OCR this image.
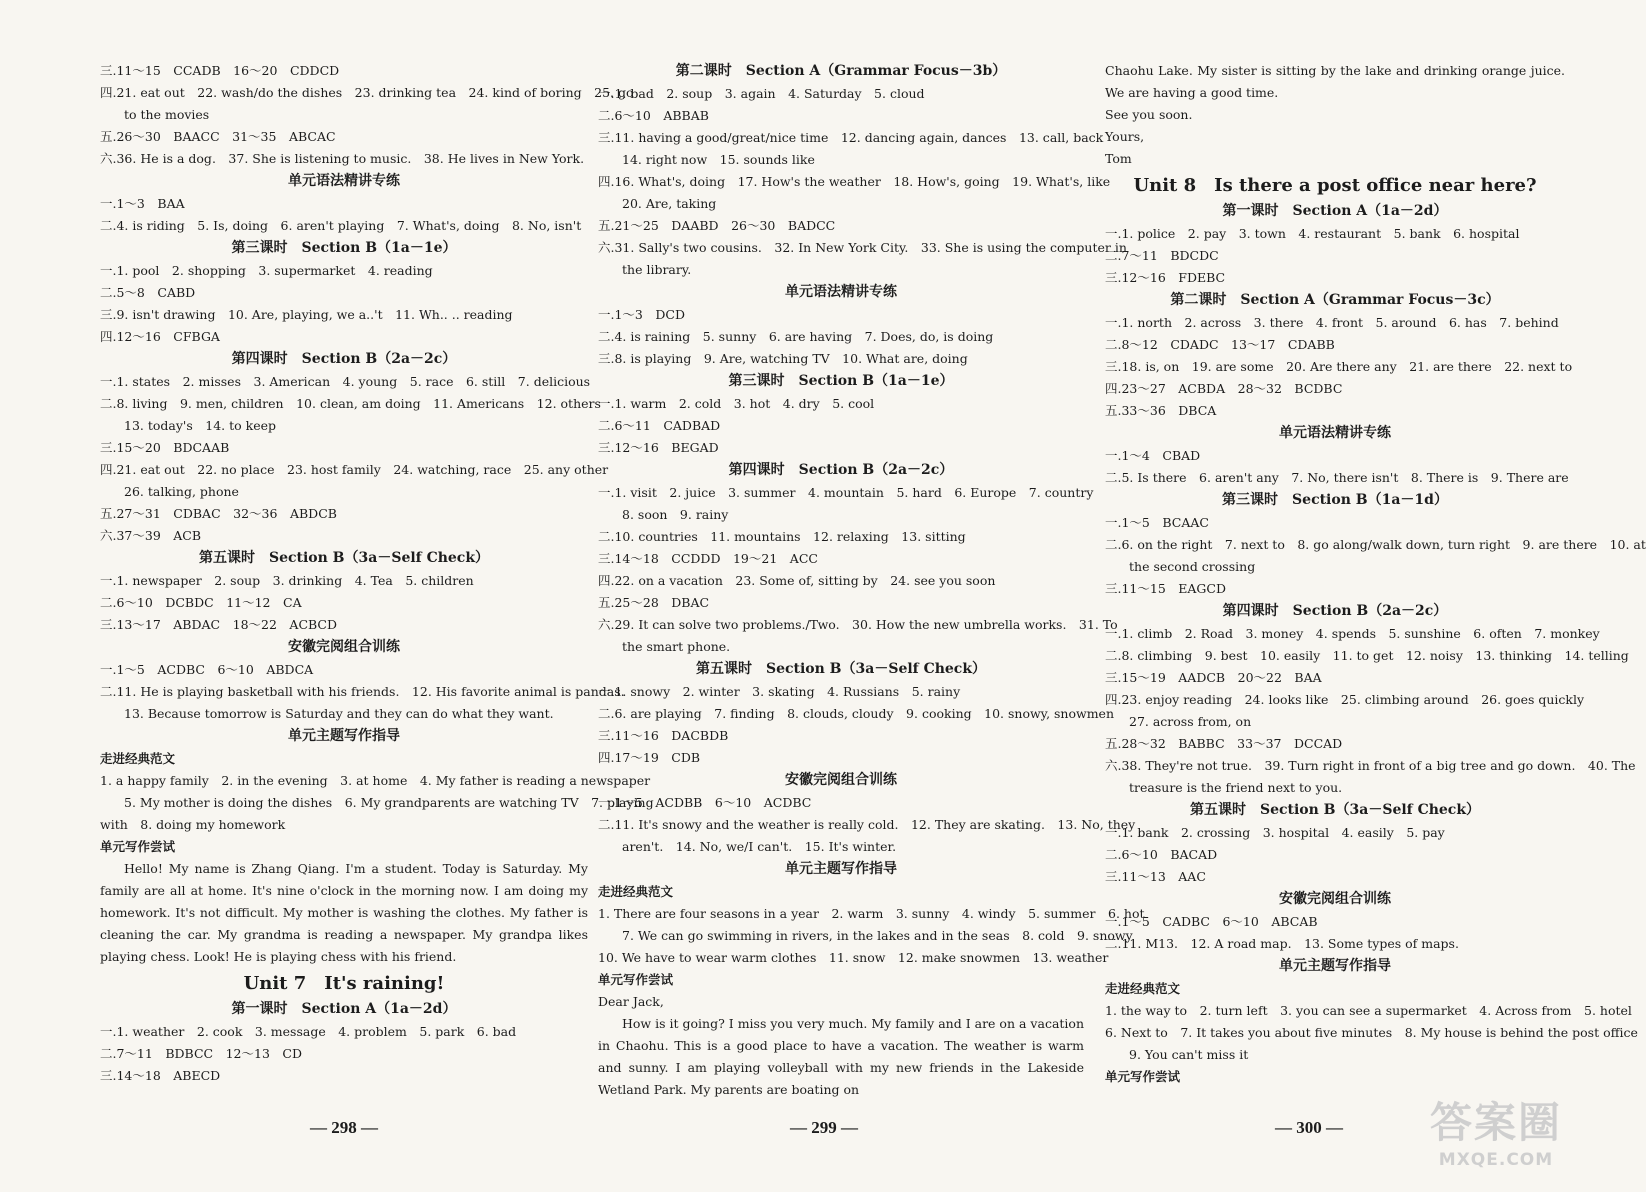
三.11～15　CCADB　16～20　CDDCD
四.21. eat out　22. wash/do the dishes　23. drinking tea　24. kind of boring　25. go
to the movies
五.26～30　BAACC　31～35　ABCAC
六.36. He is a dog.　37. She is listening to music.　38. He lives in New York.
单元语法精讲专练
一.1～3　BAA
二.4. is riding　5. Is, doing　6. aren't playing　7. What's, doing　8. No, isn't
第三课时　Section B（1a－1e）
一.1. pool　2. shopping　3. supermarket　4. reading
二.5～8　CABD
三.9. isn't drawing　10. Are, playing, we a..'t　11. Wh.. .. reading
四.12～16　CFBGA
第四课时　Section B（2a－2c）
一.1. states　2. misses　3. American　4. young　5. race　6. still　7. delicious
二.8. living　9. men, children　10. clean, am doing　11. Americans　12. others
13. today's　14. to keep
三.15～20　BDCAAB
四.21. eat out　22. no place　23. host family　24. watching, race　25. any other
26. talking, phone
五.27～31　CDBAC　32～36　ABDCB
六.37～39　ACB
第五课时　Section B（3a－Self Check）
一.1. newspaper　2. soup　3. drinking　4. Tea　5. children
二.6～10　DCBDC　11～12　CA
三.13～17　ABDAC　18～22　ACBCD
安徽完阅组合训练
一.1～5　ACDBC　6～10　ABDCA
二.11. He is playing basketball with his friends.　12. His favorite animal is pandas.
13. Because tomorrow is Saturday and they can do what they want.
单元主题写作指导
走进经典范文
1. a happy family　2. in the evening　3. at home　4. My father is reading a newspaper
5. My mother is doing the dishes　6. My grandparents are watching TV　7. playing
with　8. doing my homework
单元写作尝试
Hello! My name is Zhang Qiang. I'm a student. Today is Saturday. My family are all at home. It's nine o'clock in the morning now. I am doing my homework. It's not difficult. My mother is washing the clothes. My father is cleaning the car. My grandma is reading a newspaper. My grandpa likes playing chess. Look! He is playing chess with his friend.
Unit 7　It's raining!
第一课时　Section A（1a－2d）
一.1. weather　2. cook　3. message　4. problem　5. park　6. bad
二.7～11　BDBCC　12～13　CD
三.14～18　ABECD
第二课时　Section A（Grammar Focus－3b）
一.1. bad　2. soup　3. again　4. Saturday　5. cloud
二.6～10　ABBAB
三.11. having a good/great/nice time　12. dancing again, dances　13. call, back
14. right now　15. sounds like
四.16. What's, doing　17. How's the weather　18. How's, going　19. What's, like
20. Are, taking
五.21～25　DAABD　26～30　BADCC
六.31. Sally's two cousins.　32. In New York City.　33. She is using the computer in
the library.
单元语法精讲专练
一.1～3　DCD
二.4. is raining　5. sunny　6. are having　7. Does, do, is doing
三.8. is playing　9. Are, watching TV　10. What are, doing
第三课时　Section B（1a－1e）
一.1. warm　2. cold　3. hot　4. dry　5. cool
二.6～11　CADBAD
三.12～16　BEGAD
第四课时　Section B（2a－2c）
一.1. visit　2. juice　3. summer　4. mountain　5. hard　6. Europe　7. country
8. soon　9. rainy
二.10. countries　11. mountains　12. relaxing　13. sitting
三.14～18　CCDDD　19～21　ACC
四.22. on a vacation　23. Some of, sitting by　24. see you soon
五.25～28　DBAC
六.29. It can solve two problems./Two.　30. How the new umbrella works.　31. To
the smart phone.
第五课时　Section B（3a－Self Check）
一.1. snowy　2. winter　3. skating　4. Russians　5. rainy
二.6. are playing　7. finding　8. clouds, cloudy　9. cooking　10. snowy, snowmen
三.11～16　DACBDB
四.17～19　CDB
安徽完阅组合训练
一.1～5　ACDBB　6～10　ACDBC
二.11. It's snowy and the weather is really cold.　12. They are skating.　13. No, they
aren't.　14. No, we/I can't.　15. It's winter.
单元主题写作指导
走进经典范文
1. There are four seasons in a year　2. warm　3. sunny　4. windy　5. summer　6. hot
7. We can go swimming in rivers, in the lakes and in the seas　8. cold　9. snowy
10. We have to wear warm clothes　11. snow　12. make snowmen　13. weather
单元写作尝试
Dear Jack,
How is it going? I miss you very much. My family and I are on a vacation in Chaohu. This is a good place to have a vacation. The weather is warm and sunny. I am playing volleyball with my new friends in the Lakeside Wetland Park. My parents are boating on
Chaohu Lake. My sister is sitting by the lake and drinking orange juice. We are having a good time.
See you soon.
Yours,
Tom
Unit 8　Is there a post office near here?
第一课时　Section A（1a－2d）
一.1. police　2. pay　3. town　4. restaurant　5. bank　6. hospital
二.7～11　BDCDC
三.12～16　FDEBC
第二课时　Section A（Grammar Focus－3c）
一.1. north　2. across　3. there　4. front　5. around　6. has　7. behind
二.8～12　CDADC　13～17　CDABB
三.18. is, on　19. are some　20. Are there any　21. are there　22. next to
四.23～27　ACBDA　28～32　BCDBC
五.33～36　DBCA
单元语法精讲专练
一.1～4　CBAD
二.5. Is there　6. aren't any　7. No, there isn't　8. There is　9. There are
第三课时　Section B（1a－1d）
一.1～5　BCAAC
二.6. on the right　7. next to　8. go along/walk down, turn right　9. are there　10. at
the second crossing
三.11～15　EAGCD
第四课时　Section B（2a－2c）
一.1. climb　2. Road　3. money　4. spends　5. sunshine　6. often　7. monkey
二.8. climbing　9. best　10. easily　11. to get　12. noisy　13. thinking　14. telling
三.15～19　AADCB　20～22　BAA
四.23. enjoy reading　24. looks like　25. climbing around　26. goes quickly
27. across from, on
五.28～32　BABBC　33～37　DCCAD
六.38. They're not true.　39. Turn right in front of a big tree and go down.　40. The
treasure is the friend next to you.
第五课时　Section B（3a－Self Check）
一.1. bank　2. crossing　3. hospital　4. easily　5. pay
二.6～10　BACAD
三.11～13　AAC
安徽完阅组合训练
一.1～5　CADBC　6～10　ABCAB
二.11. M13.　12. A road map.　13. Some types of maps.
单元主题写作指导
走进经典范文
1. the way to　2. turn left　3. you can see a supermarket　4. Across from　5. hotel
6. Next to　7. It takes you about five minutes　8. My house is behind the post office
9. You can't miss it
单元写作尝试
— 298 —	— 299 —	— 300 — 答案圈
MXQE.COM
